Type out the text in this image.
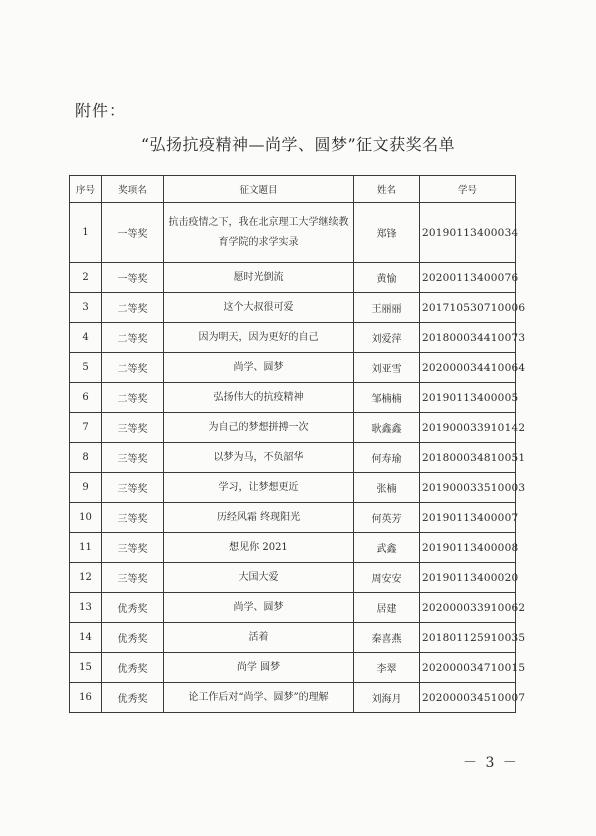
附件：
“弘扬抗疫精神—尚学、圆梦”征文获奖名单
序号	奖项名	征文题目	姓名	学号
1	一等奖	抗击疫情之下，我在北京理工大学继续教育学院的求学实录	郑锋	20190113400034
2	一等奖	愿时光倒流	黄愉	20200113400076
3	二等奖	这个大叔很可爱	王丽丽	201710530710006
4	二等奖	因为明天，因为更好的自己	刘爱萍	201800034410073
5	二等奖	尚学、圆梦	刘亚雪	202000034410064
6	二等奖	弘扬伟大的抗疫精神	邹楠楠	20190113400005
7	三等奖	为自己的梦想拼搏一次	耿鑫鑫	201900033910142
8	三等奖	以梦为马，不负韶华	何寿瑜	201800034810051
9	三等奖	学习，让梦想更近	张楠	201900033510003
10	三等奖	历经风霜 终现阳光	何英芳	20190113400007
11	三等奖	想见你 2021	武鑫	20190113400008
12	三等奖	大国大爱	周安安	20190113400020
13	优秀奖	尚学、圆梦	居建	202000033910062
14	优秀奖	活着	秦喜燕	201801125910035
15	优秀奖	尚学 圆梦	李翠	202000034710015
16	优秀奖	论工作后对“尚学、圆梦”的理解	刘海月	202000034510007
－ 3 －
